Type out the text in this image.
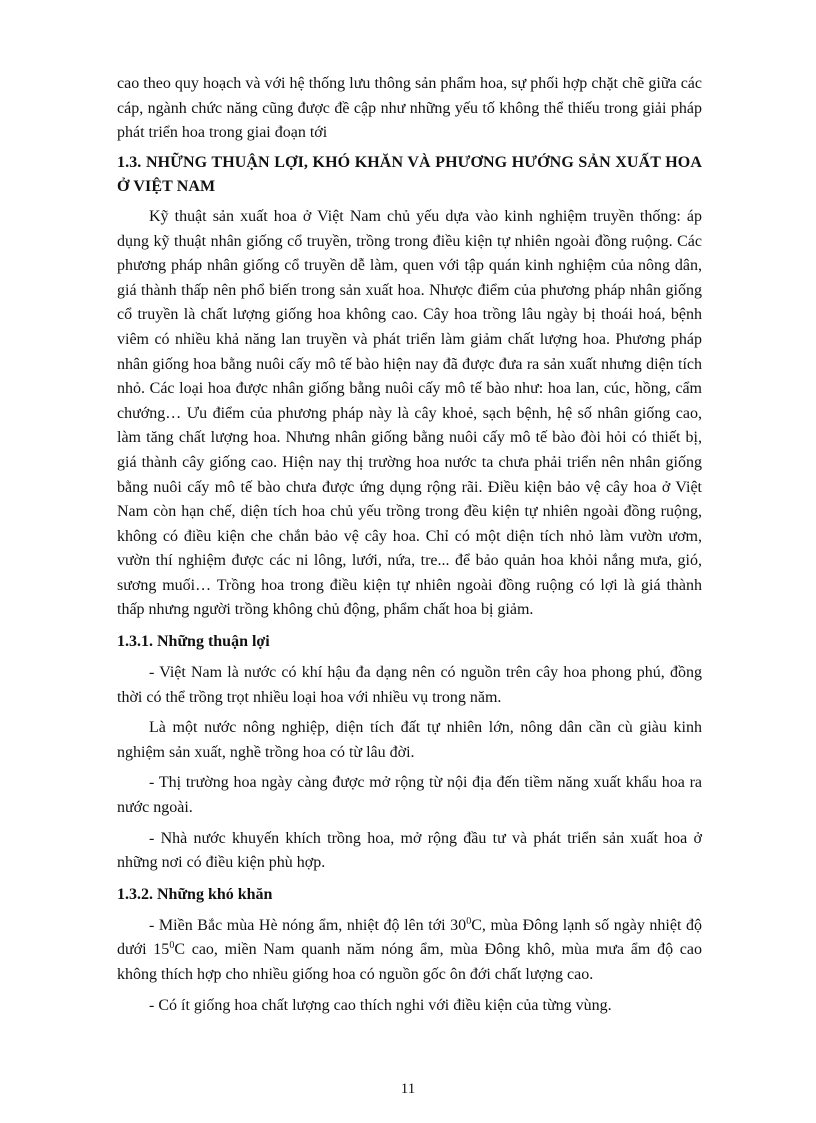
cao theo quy hoạch và với hệ thống lưu thông sản phẩm hoa, sự phối hợp chặt chẽ giữa các cáp, ngành chức năng cũng được đề cập như những yếu tố không thể thiếu trong giải pháp phát triển hoa trong giai đoạn tới

1.3. NHỮNG THUẬN LỢI, KHÓ KHĂN VÀ PHƯƠNG HƯỚNG SẢN XUẤT HOA Ở VIỆT NAM

Kỹ thuật sản xuất hoa ở Việt Nam chủ yếu dựa vào kinh nghiệm truyền thống: áp dụng kỹ thuật nhân giống cổ truyền, trồng trong điều kiện tự nhiên ngoài đồng ruộng. Các phương pháp nhân giống cổ truyền dễ làm, quen với tập quán kinh nghiệm của nông dân, giá thành thấp nên phổ biến trong sản xuất hoa. Nhược điểm của phương pháp nhân giống cổ truyền là chất lượng giống hoa không cao. Cây hoa trồng lâu ngày bị thoái hoá, bệnh viêm có nhiều khả năng lan truyền và phát triển làm giảm chất lượng hoa. Phương pháp nhân giống hoa bằng nuôi cấy mô tế bào hiện nay đã được đưa ra sản xuất nhưng diện tích nhỏ. Các loại hoa được nhân giống bằng nuôi cấy mô tế bào như: hoa lan, cúc, hồng, cẩm chướng… Ưu điểm của phương pháp này là cây khoẻ, sạch bệnh, hệ số nhân giống cao, làm tăng chất lượng hoa. Nhưng nhân giống bằng nuôi cấy mô tế bào đòi hỏi có thiết bị, giá thành cây giống cao. Hiện nay thị trường hoa nước ta chưa phải triển nên nhân giống bằng nuôi cấy mô tế bào chưa được ứng dụng rộng rãi. Điều kiện bảo vệ cây hoa ở Việt Nam còn hạn chế, diện tích hoa chủ yếu trồng trong đều kiện tự nhiên ngoài đồng ruộng, không có điều kiện che chắn bảo vệ cây hoa. Chỉ có một diện tích nhỏ làm vườn ươm, vườn thí nghiệm được các ni lông, lưới, nứa, tre... để bảo quản hoa khỏi nắng mưa, gió, sương muối… Trồng hoa trong điều kiện tự nhiên ngoài đồng ruộng có lợi là giá thành thấp nhưng người trồng không chủ động, phẩm chất hoa bị giảm.

1.3.1. Những thuận lợi

- Việt Nam là nước có khí hậu đa dạng nên có nguồn trên cây hoa phong phú, đồng thời có thể trồng trọt nhiều loại hoa với nhiều vụ trong năm.

Là một nước nông nghiệp, diện tích đất tự nhiên lớn, nông dân cần cù giàu kinh nghiệm sản xuất, nghề trồng hoa có từ lâu đời.

- Thị trường hoa ngày càng được mở rộng từ nội địa đến tiềm năng xuất khẩu hoa ra nước ngoài.

- Nhà nước khuyến khích trồng hoa, mở rộng đầu tư và phát triển sản xuất hoa ở những nơi có điều kiện phù hợp.

1.3.2. Những khó khăn

- Miền Bắc mùa Hè nóng ẩm, nhiệt độ lên tới $30^0C$, mùa Đông lạnh số ngày nhiệt độ dưới $15^0C$ cao, miền Nam quanh năm nóng ẩm, mùa Đông khô, mùa mưa ẩm độ cao không thích hợp cho nhiều giống hoa có nguồn gốc ôn đới chất lượng cao.

- Có ít giống hoa chất lượng cao thích nghi với điều kiện của từng vùng.

11
